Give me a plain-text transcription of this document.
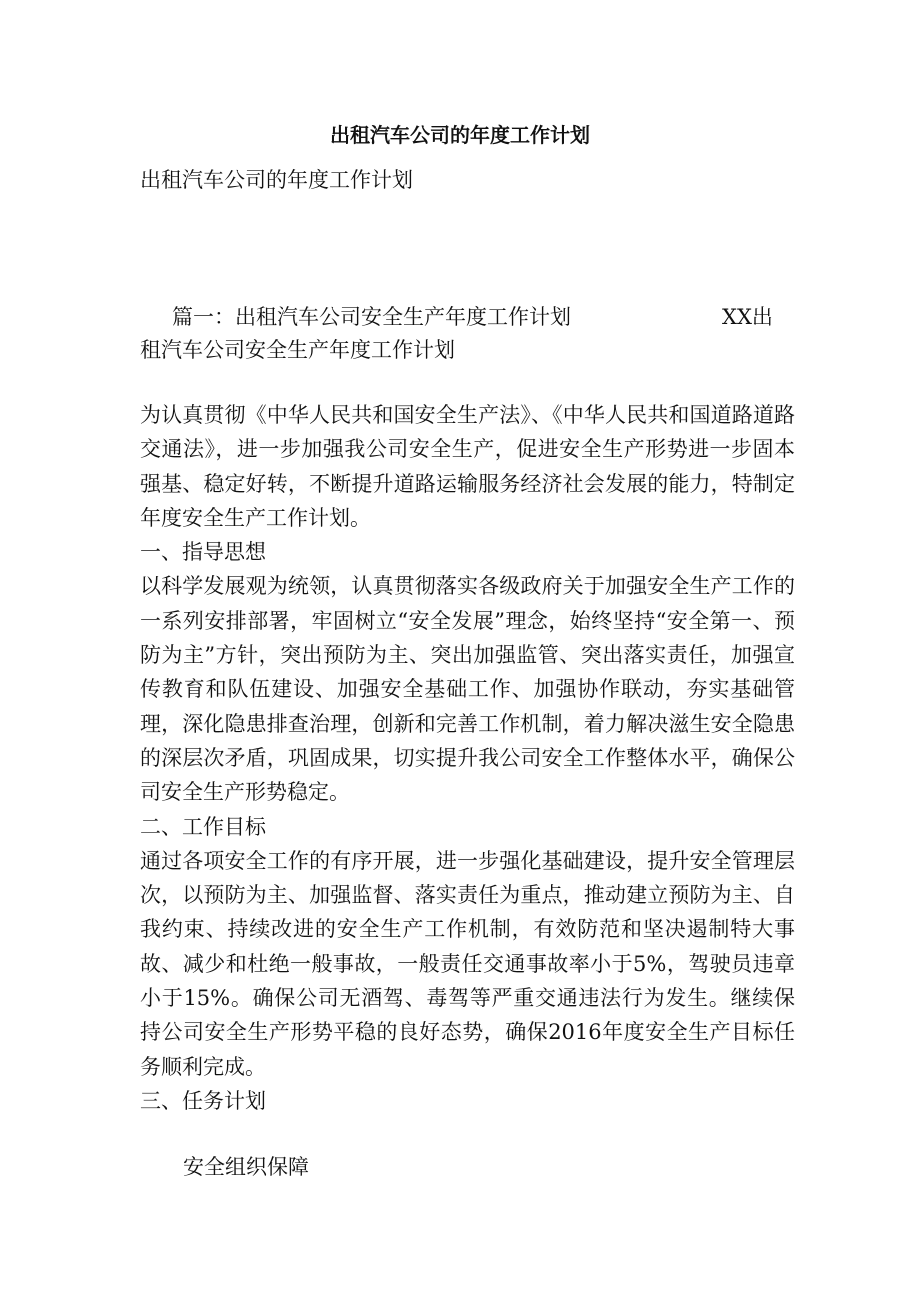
出租汽车公司的年度工作计划
出租汽车公司的年度工作计划
篇一：出租汽车公司安全生产年度工作计划	XX出
租汽车公司安全生产年度工作计划

为认真贯彻《中华人民共和国安全生产法》、《中华人民共和国道路道路交通法》，进一步加强我公司安全生产，促进安全生产形势进一步固本强基、稳定好转，不断提升道路运输服务经济社会发展的能力，特制定年度安全生产工作计划。

一、指导思想

以科学发展观为统领，认真贯彻落实各级政府关于加强安全生产工作的一系列安排部署，牢固树立“安全发展”理念，始终坚持“安全第一、预防为主”方针，突出预防为主、突出加强监管、突出落实责任，加强宣传教育和队伍建设、加强安全基础工作、加强协作联动，夯实基础管理，深化隐患排查治理，创新和完善工作机制，着力解决滋生安全隐患的深层次矛盾，巩固成果，切实提升我公司安全工作整体水平，确保公司安全生产形势稳定。

二、工作目标

通过各项安全工作的有序开展，进一步强化基础建设，提升安全管理层次，以预防为主、加强监督、落实责任为重点，推动建立预防为主、自我约束、持续改进的安全生产工作机制，有效防范和坚决遏制特大事故、减少和杜绝一般事故，一般责任交通事故率小于5%，驾驶员违章小于15%。确保公司无酒驾、毒驾等严重交通违法行为发生。继续保持公司安全生产形势平稳的良好态势，确保2016年度安全生产目标任务顺利完成。

三、任务计划

安全组织保障
